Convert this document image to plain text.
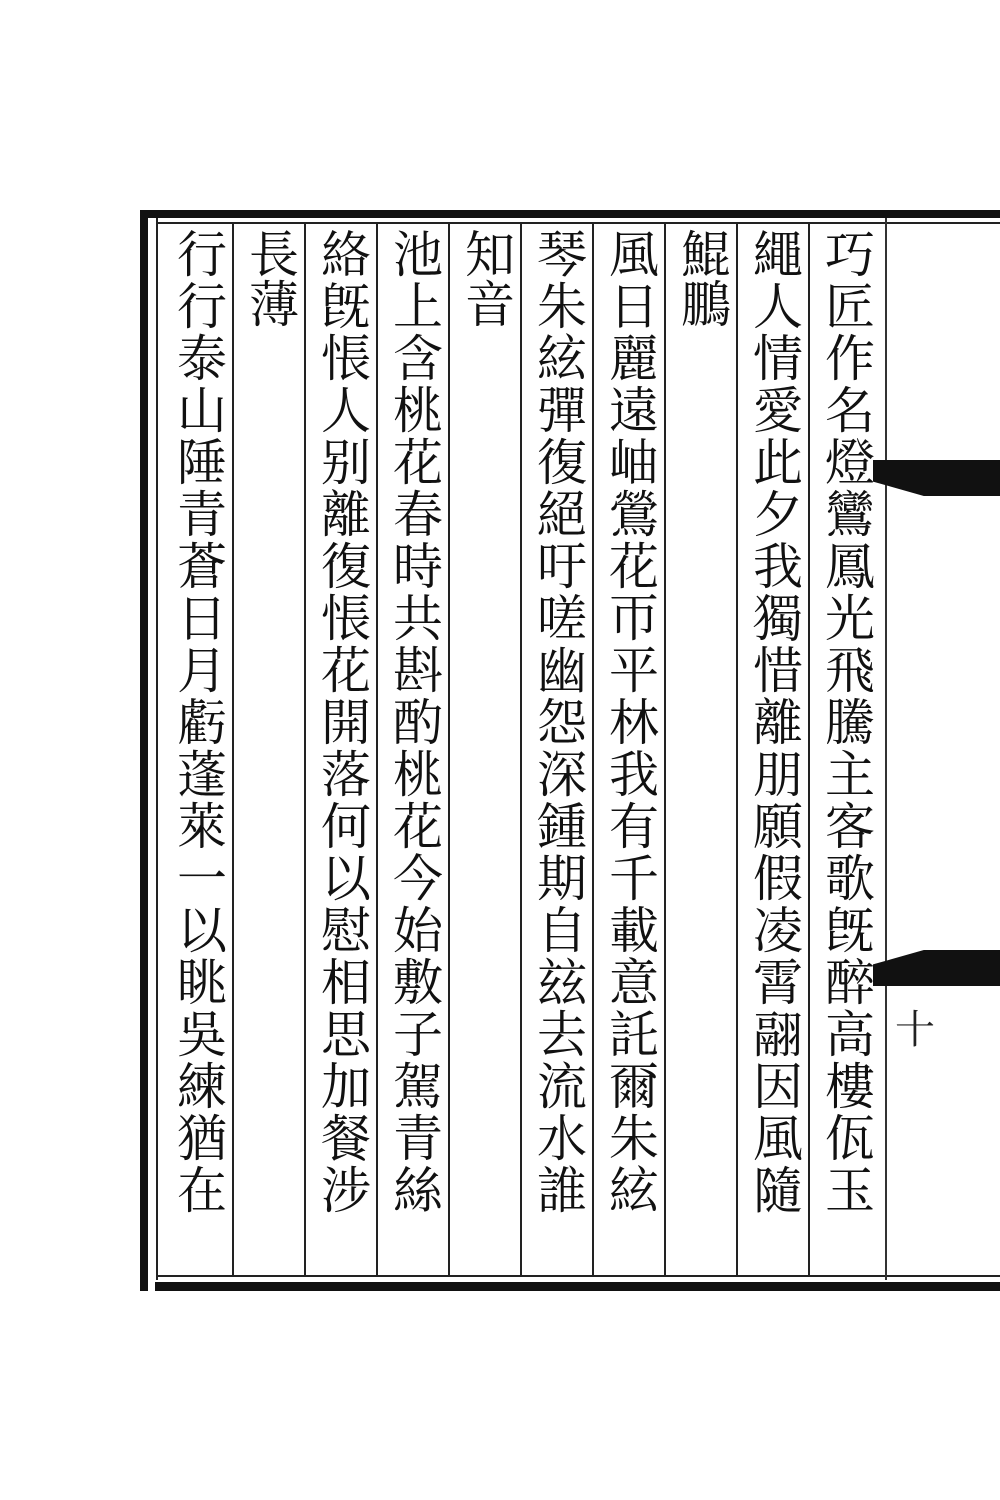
巧匠作名燈鸞鳳光飛騰主客歌旣醉高樓佤玉
繩人情愛此夕我獨惜離朋願假凌霄翮因風隨
鯤鵬
風日麗遠岫鶯花帀平林我有千載意託爾朱絃
琴朱絃彈復絕吁嗟幽怨深鍾期自玆去流水誰
知音
池上含桃花春時共斟酌桃花今始敷子駕青絲
絡旣悵人别離復悵花開落何以慰相思加餐涉
長薄
行行泰山陲青蒼日月虧蓬萊一以眺吳練猶在	十
